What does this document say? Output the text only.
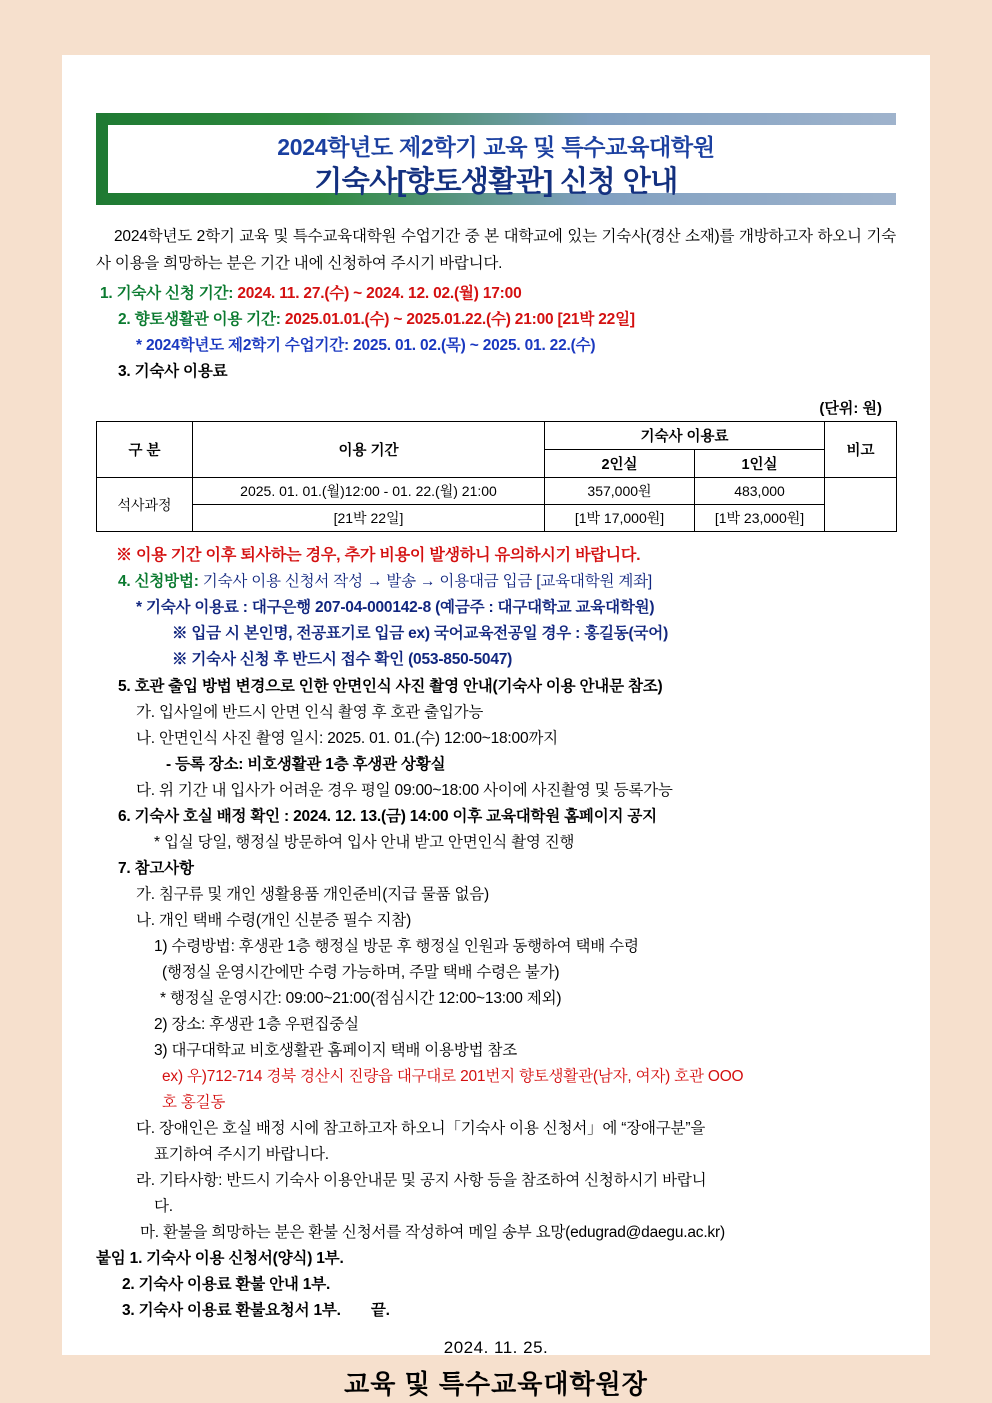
2024학년도 제2학기 교육 및 특수교육대학원
기숙사[향토생활관] 신청 안내
2024학년도 2학기 교육 및 특수교육대학원 수업기간 중 본 대학교에 있는 기숙사(경산 소재)를 개방하고자 하오니 기숙사 이용을 희망하는 분은 기간 내에 신청하여 주시기 바랍니다.
1. 기숙사 신청 기간: 2024. 11. 27.(수) ~ 2024. 12. 02.(월) 17:00
2. 향토생활관 이용 기간: 2025.01.01.(수) ~ 2025.01.22.(수) 21:00 [21박 22일]
* 2024학년도 제2학기 수업기간: 2025. 01. 02.(목) ~ 2025. 01. 22.(수)
3. 기숙사 이용료
(단위: 원)
구 분	이용 기간	기숙사 이용료		비고
		2인실	1인실	
석사과정	2025. 01. 01.(월)12:00 - 01. 22.(월) 21:00	357,000원	483,000	
	[21박 22일]	[1박 17,000원]	[1박 23,000원]	
※ 이용 기간 이후 퇴사하는 경우, 추가 비용이 발생하니 유의하시기 바랍니다.
4. 신청방법: 기숙사 이용 신청서 작성 → 발송 → 이용대금 입금 [교육대학원 계좌]
* 기숙사 이용료 : 대구은행 207-04-000142-8 (예금주 : 대구대학교 교육대학원)
※ 입금 시 본인명, 전공표기로 입금 ex) 국어교육전공일 경우 : 홍길동(국어)
※ 기숙사 신청 후 반드시 접수 확인 (053-850-5047)
5. 호관 출입 방법 변경으로 인한 안면인식 사진 촬영 안내(기숙사 이용 안내문 참조)
가. 입사일에 반드시 안면 인식 촬영 후 호관 출입가능
나. 안면인식 사진 촬영 일시: 2025. 01. 01.(수) 12:00~18:00까지
- 등록 장소: 비호생활관 1층 후생관 상황실
다. 위 기간 내 입사가 어려운 경우 평일 09:00~18:00 사이에 사진촬영 및 등록가능
6. 기숙사 호실 배정 확인 : 2024. 12. 13.(금) 14:00 이후 교육대학원 홈페이지 공지
* 입실 당일, 행정실 방문하여 입사 안내 받고 안면인식 촬영 진행
7. 참고사항
가. 침구류 및 개인 생활용품 개인준비(지급 물품 없음)
나. 개인 택배 수령(개인 신분증 필수 지참)
1) 수령방법: 후생관 1층 행정실 방문 후 행정실 인원과 동행하여 택배 수령
(행정실 운영시간에만 수령 가능하며, 주말 택배 수령은 불가)
* 행정실 운영시간: 09:00~21:00(점심시간 12:00~13:00 제외)
2) 장소: 후생관 1층 우편집중실
3) 대구대학교 비호생활관 홈페이지 택배 이용방법 참조
ex) 우)712-714 경북 경산시 진량읍 대구대로 201번지 향토생활관(남자, 여자) 호관 OOO
호 홍길동
다. 장애인은 호실 배정 시에 참고하고자 하오니「기숙사 이용 신청서」에 “장애구분”을
표기하여 주시기 바랍니다.
라. 기타사항: 반드시 기숙사 이용안내문 및 공지 사항 등을 참조하여 신청하시기 바랍니
다.
마. 환불을 희망하는 분은 환불 신청서를 작성하여 메일 송부 요망(edugrad@daegu.ac.kr)
붙임 1. 기숙사 이용 신청서(양식) 1부.
2. 기숙사 이용료 환불 안내 1부.
3. 기숙사 이용료 환불요청서 1부. 끝.
2024. 11. 25.
교육 및 특수교육대학원장
